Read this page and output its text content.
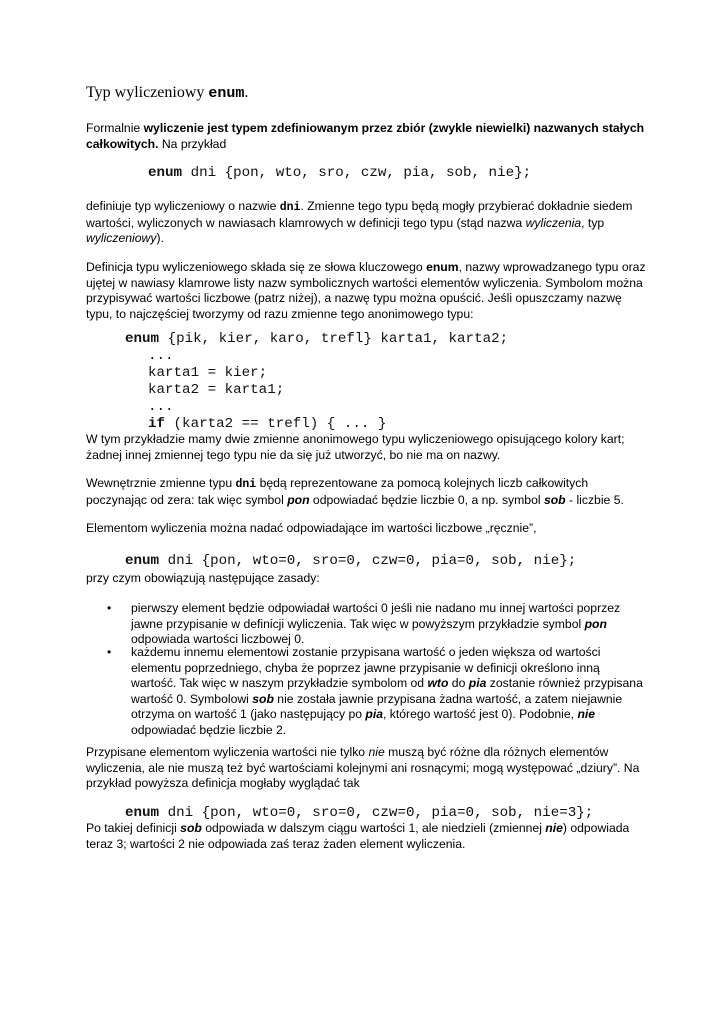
Typ wyliczeniowy enum.
Formalnie wyliczenie jest typem zdefiniowanym przez zbiór (zwykle niewielki) nazwanych stałych całkowitych. Na przykład
enum dni {pon, wto, sro, czw, pia, sob, nie};
definiuje typ wyliczeniowy o nazwie dni. Zmienne tego typu będą mogły przybierać dokładnie siedem wartości, wyliczonych w nawiasach klamrowych w definicji tego typu (stąd nazwa wyliczenia, typ wyliczeniowy).
Definicja typu wyliczeniowego składa się ze słowa kluczowego enum, nazwy wprowadzanego typu oraz ujętej w nawiasy klamrowe listy nazw symbolicznych wartości elementów wyliczenia. Symbolom można przypisywać wartości liczbowe (patrz niżej), a nazwę typu można opuścić. Jeśli opuszczamy nazwę typu, to najczęściej tworzymy od razu zmienne tego anonimowego typu:
enum {pik, kier, karo, trefl} karta1, karta2;
...
karta1 = kier;
karta2 = karta1;
...
if (karta2 == trefl) { ... }
W tym przykładzie mamy dwie zmienne anonimowego typu wyliczeniowego opisującego kolory kart; żadnej innej zmiennej tego typu nie da się już utworzyć, bo nie ma on nazwy.
Wewnętrznie zmienne typu dni będą reprezentowane za pomocą kolejnych liczb całkowitych poczynając od zera: tak więc symbol pon odpowiadać będzie liczbie 0, a np. symbol sob - liczbie 5.
Elementom wyliczenia można nadać odpowiadające im wartości liczbowe „ręcznie”,
enum dni {pon, wto=0, sro=0, czw=0, pia=0, sob, nie};
przy czym obowiązują następujące zasady:
• pierwszy element będzie odpowiadał wartości 0 jeśli nie nadano mu innej wartości poprzez jawne przypisanie w definicji wyliczenia. Tak więc w powyższym przykładzie symbol pon odpowiada wartości liczbowej 0.
• każdemu innemu elementowi zostanie przypisana wartość o jeden większa od wartości elementu poprzedniego, chyba że poprzez jawne przypisanie w definicji określono inną wartość. Tak więc w naszym przykładzie symbolom od wto do pia zostanie również przypisana wartość 0. Symbolowi sob nie została jawnie przypisana żadna wartość, a zatem niejawnie otrzyma on wartość 1 (jako następujący po pia, którego wartość jest 0). Podobnie, nie odpowiadać będzie liczbie 2.
Przypisane elementom wyliczenia wartości nie tylko nie muszą być różne dla różnych elementów wyliczenia, ale nie muszą też być wartościami kolejnymi ani rosnącymi; mogą występować „dziury”. Na przykład powyższa definicja mogłaby wyglądać tak
enum dni {pon, wto=0, sro=0, czw=0, pia=0, sob, nie=3};
Po takiej definicji sob odpowiada w dalszym ciągu wartości 1, ale niedzieli (zmiennej nie) odpowiada teraz 3; wartości 2 nie odpowiada zaś teraz żaden element wyliczenia.
